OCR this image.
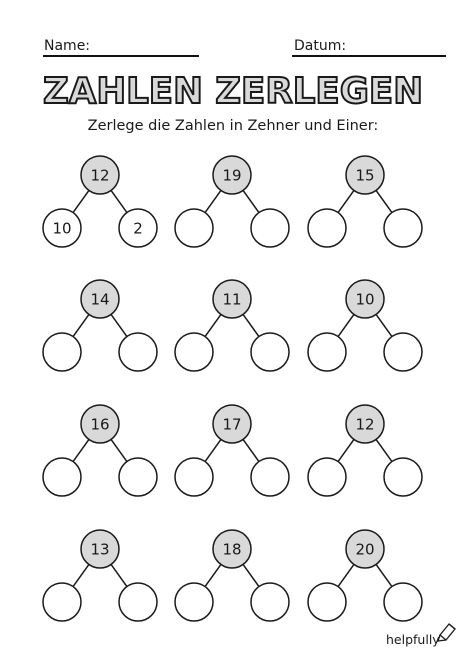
Name:	Datum:
ZAHLEN ZERLEGEN
Zerlege die Zahlen in Zehner und Einer:
12
10	2
19	15
14	11	10
16	17	12
13	18	20
helpfully
